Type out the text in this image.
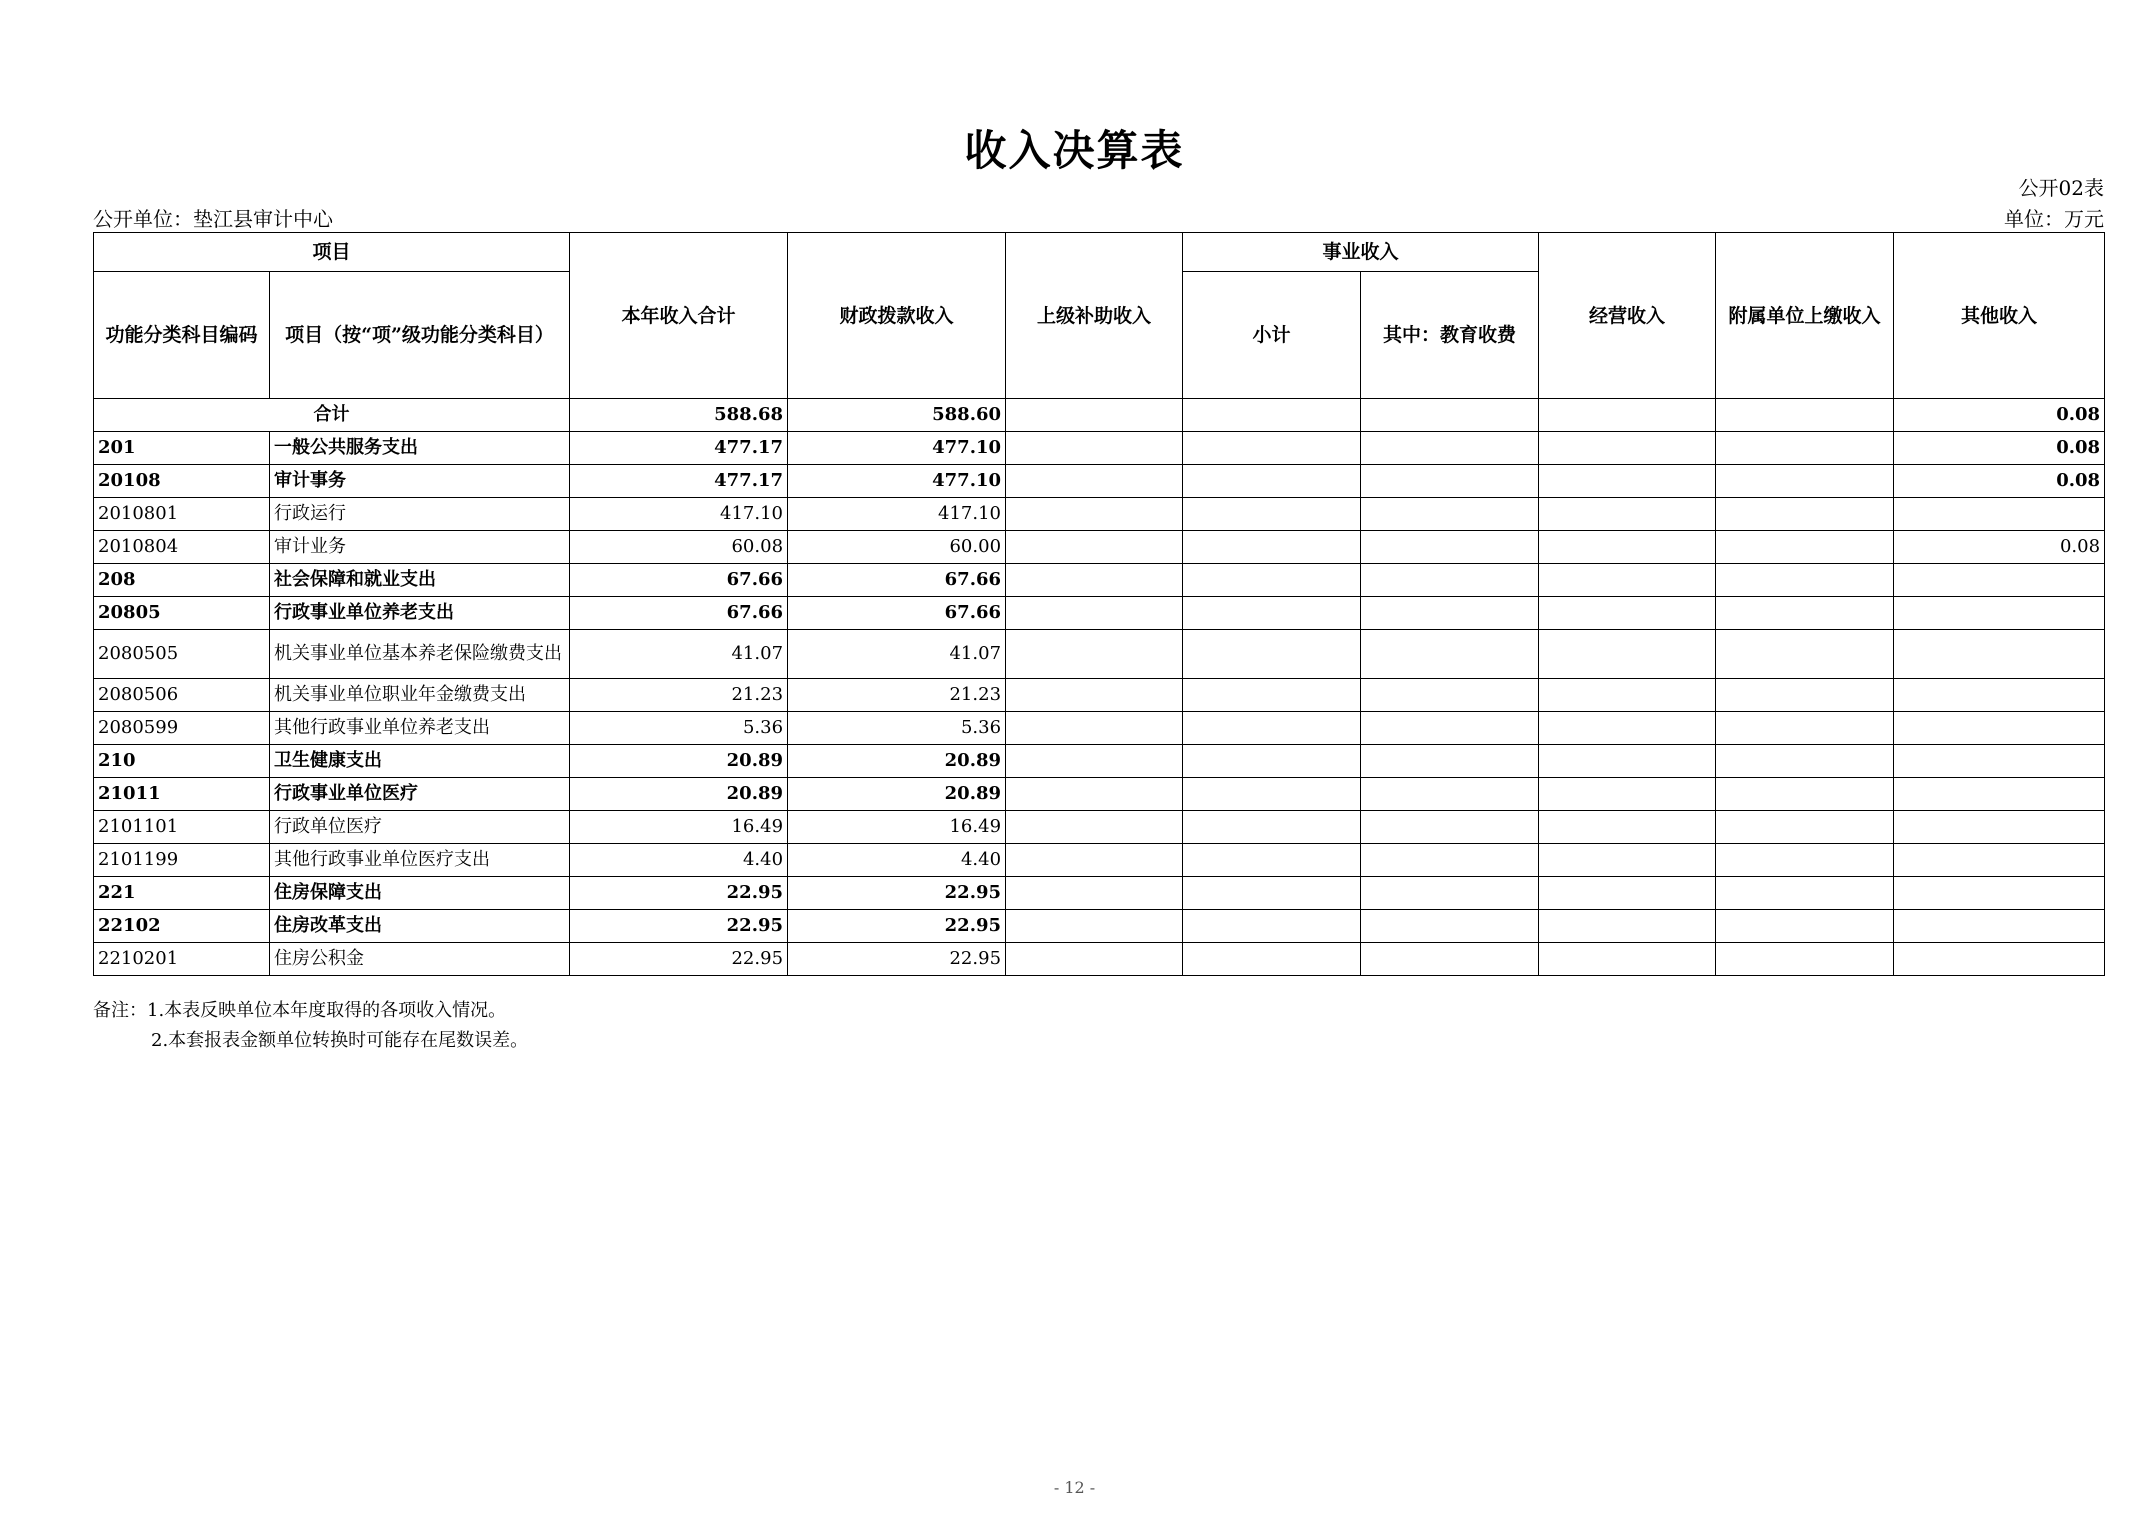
收入决算表
公开02表
公开单位：垫江县审计中心	单位：万元
项目		本年收入合计	财政拨款收入	上级补助收入	事业收入		经营收入	附属单位上缴收入	其他收入
功能分类科目编码	项目（按“项”级功能分类科目）				小计	其中：教育收费			
合计		588.68	588.60						0.08
201	一般公共服务支出	477.17	477.10						0.08
20108	审计事务	477.17	477.10						0.08
2010801	行政运行	417.10	417.10						
2010804	审计业务	60.08	60.00						0.08
208	社会保障和就业支出	67.66	67.66						
20805	行政事业单位养老支出	67.66	67.66						
2080505	机关事业单位基本养老保险缴费支出	41.07	41.07						
2080506	机关事业单位职业年金缴费支出	21.23	21.23						
2080599	其他行政事业单位养老支出	5.36	5.36						
210	卫生健康支出	20.89	20.89						
21011	行政事业单位医疗	20.89	20.89						
2101101	行政单位医疗	16.49	16.49						
2101199	其他行政事业单位医疗支出	4.40	4.40						
221	住房保障支出	22.95	22.95						
22102	住房改革支出	22.95	22.95						
2210201	住房公积金	22.95	22.95						
备注：1.本表反映单位本年度取得的各项收入情况。
2.本套报表金额单位转换时可能存在尾数误差。
- 12 -
